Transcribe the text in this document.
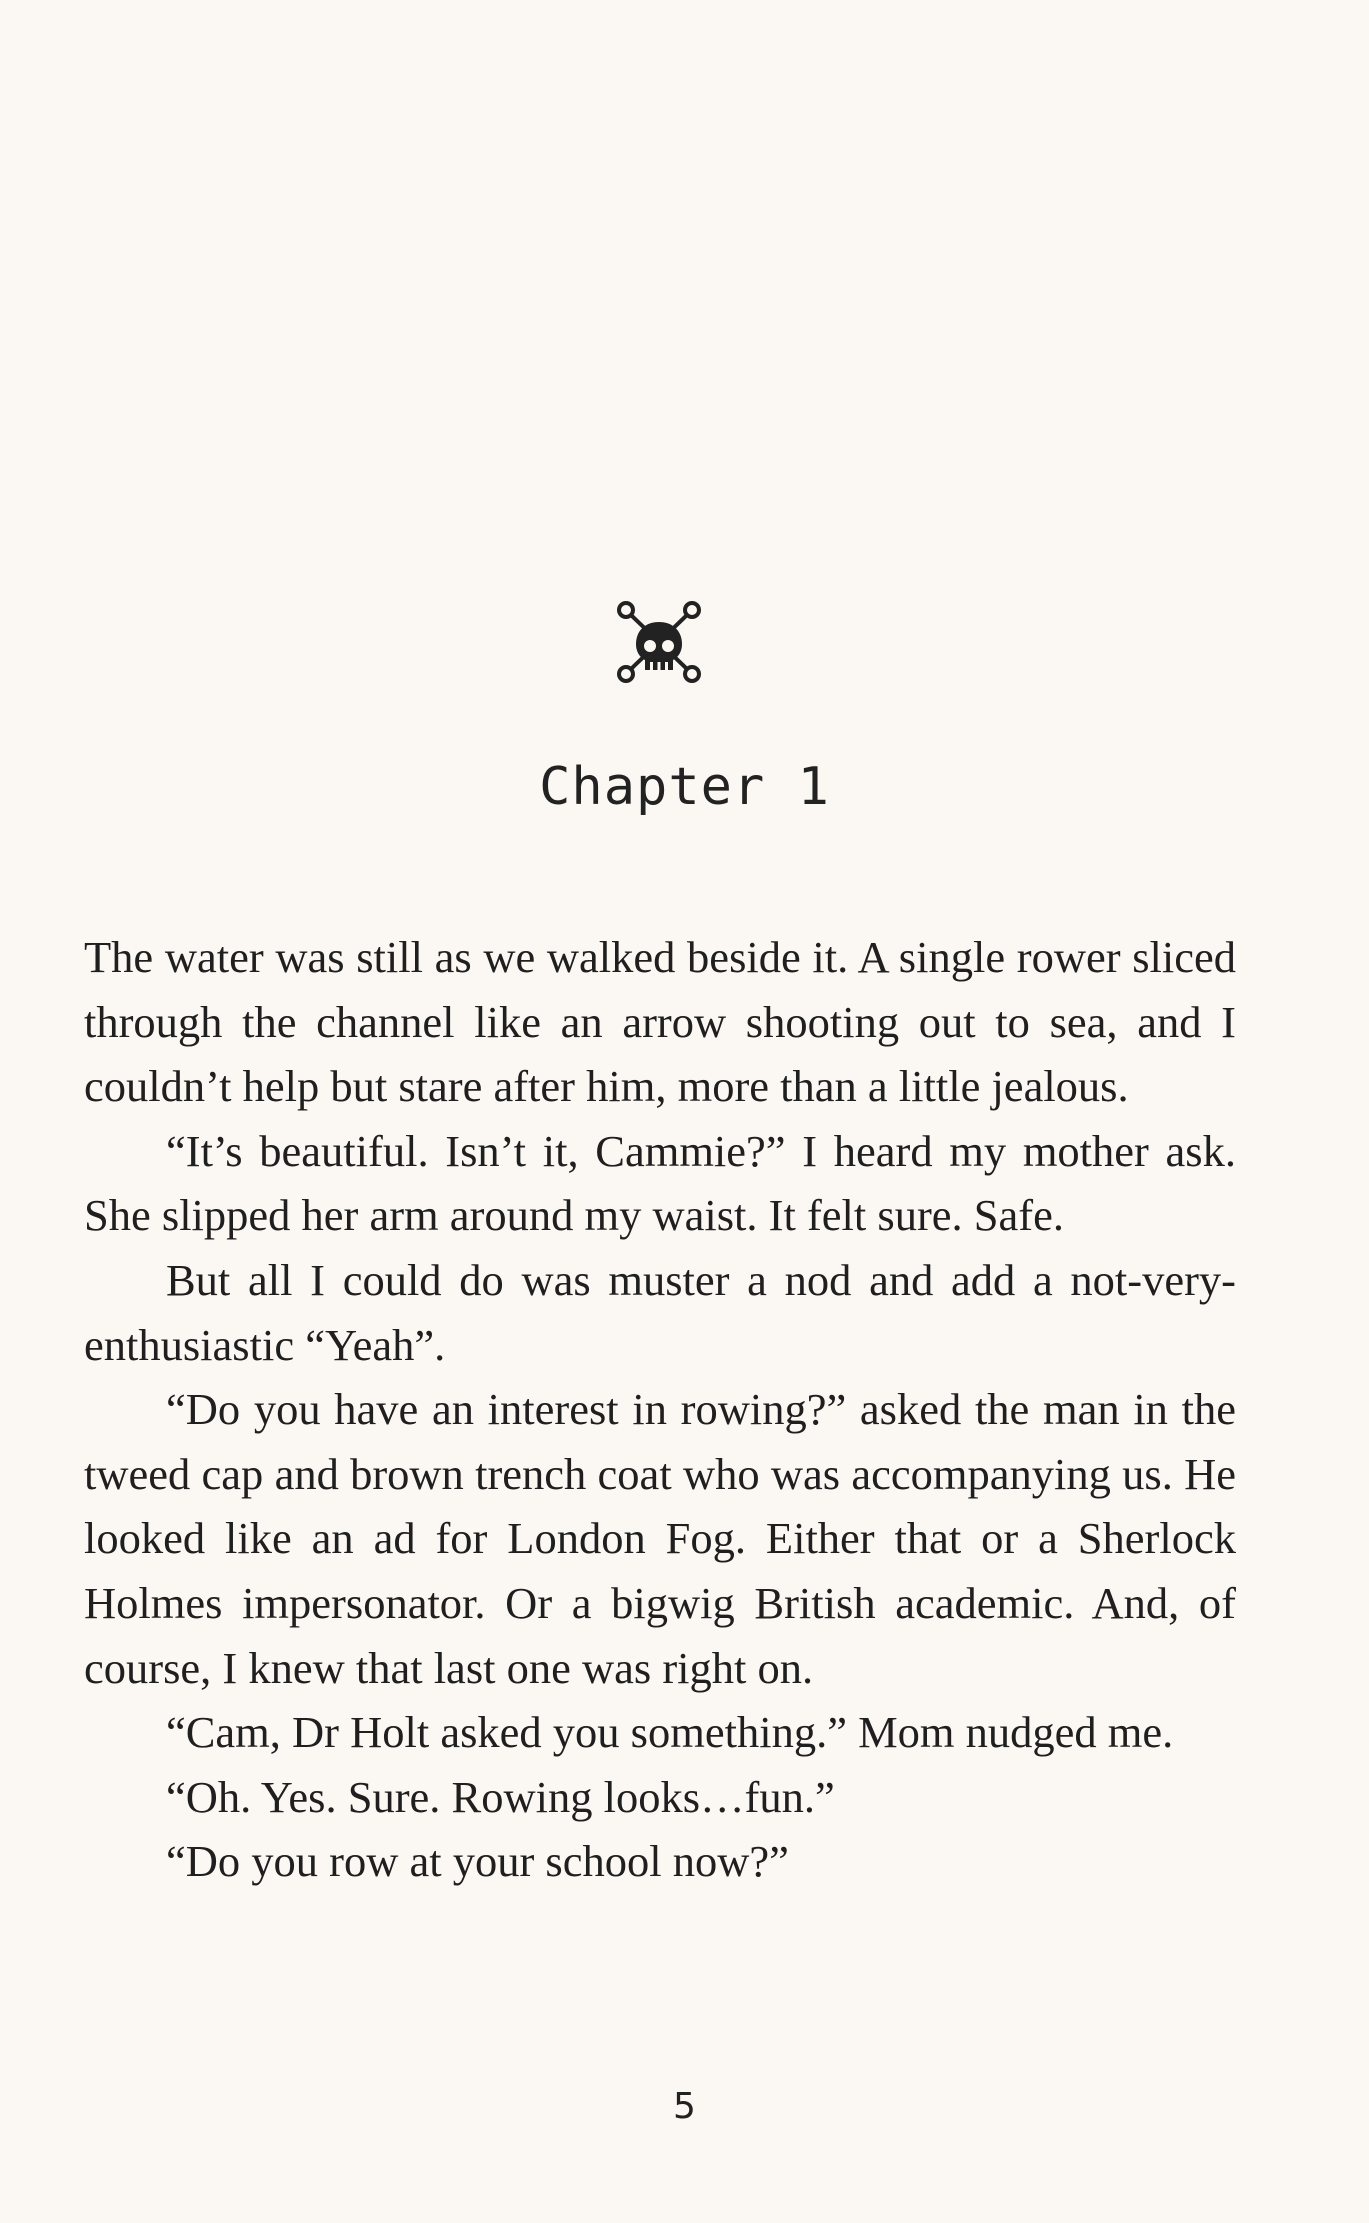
Chapter 1

The water was still as we walked beside it. A single rower sliced through the channel like an arrow shooting out to sea, and I couldn’t help but stare after him, more than a little jealous.

“It’s beautiful. Isn’t it, Cammie?” I heard my mother ask. She slipped her arm around my waist. It felt sure. Safe.

But all I could do was muster a nod and add a not-very-enthusiastic “Yeah”.

“Do you have an interest in rowing?” asked the man in the tweed cap and brown trench coat who was accompanying us. He looked like an ad for London Fog. Either that or a Sherlock Holmes impersonator. Or a bigwig British academic. And, of course, I knew that last one was right on.

“Cam, Dr Holt asked you something.” Mom nudged me.

“Oh. Yes. Sure. Rowing looks…fun.”

“Do you row at your school now?”

5
